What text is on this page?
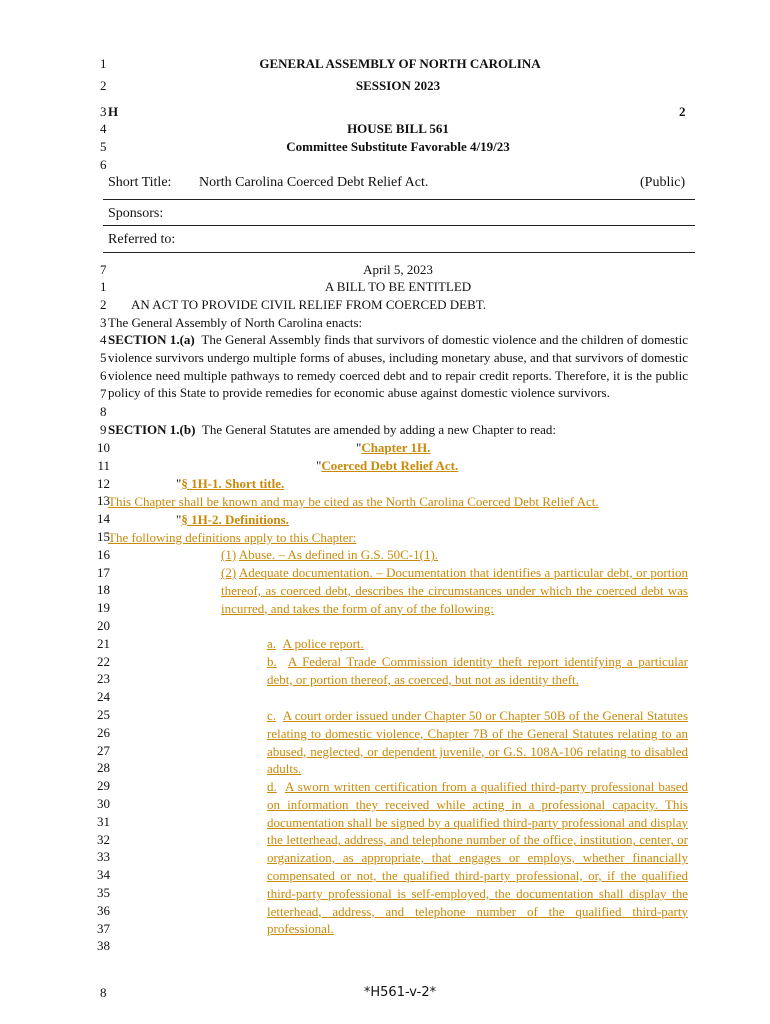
1
2
3
4
5
6
GENERAL ASSEMBLY OF NORTH CAROLINA
SESSION 2023
H	2
HOUSE BILL 561
Committee Substitute Favorable 4/19/23
Short Title: North Carolina Coerced Debt Relief Act.	(Public)
Sponsors:
Referred to:
7	April 5, 2023
1	A BILL TO BE ENTITLED
2	AN ACT TO PROVIDE CIVIL RELIEF FROM COERCED DEBT.
3 The General Assembly of North Carolina enacts:
4
5
6
7
8
SECTION 1.(a) The General Assembly finds that survivors of domestic violence and the children of domestic violence survivors undergo multiple forms of abuses, including monetary abuse, and that survivors of domestic violence need multiple pathways to remedy coerced debt and to repair credit reports. Therefore, it is the public policy of this State to provide remedies for economic abuse against domestic violence survivors.
9 SECTION 1.(b) The General Statutes are amended by adding a new Chapter to read:
10
11
12
13
14
15
16
17
18
19
20
21
22
23
24
25
26
27
28
29
30
31
32
33
34
35
36
37
38
"Chapter 1H.
"Coerced Debt Relief Act.
"§ 1H-1. Short title.
This Chapter shall be known and may be cited as the North Carolina Coerced Debt Relief Act.
"§ 1H-2. Definitions.
The following definitions apply to this Chapter:
(1) Abuse. – As defined in G.S. 50C-1(1).
(2) Adequate documentation. – Documentation that identifies a particular debt, or portion thereof, as coerced debt, describes the circumstances under which the coerced debt was incurred, and takes the form of any of the following:
a. A police report.
b. A Federal Trade Commission identity theft report identifying a particular debt, or portion thereof, as coerced, but not as identity theft.
c. A court order issued under Chapter 50 or Chapter 50B of the General Statutes relating to domestic violence, Chapter 7B of the General Statutes relating to an abused, neglected, or dependent juvenile, or G.S. 108A-106 relating to disabled adults.
d. A sworn written certification from a qualified third-party professional based on information they received while acting in a professional capacity. This documentation shall be signed by a qualified third-party professional and display the letterhead, address, and telephone number of the office, institution, center, or organization, as appropriate, that engages or employs, whether financially compensated or not, the qualified third-party professional, or, if the qualified third-party professional is self-employed, the documentation shall display the letterhead, address, and telephone number of the qualified third-party professional.
8	*H561-v-2*
